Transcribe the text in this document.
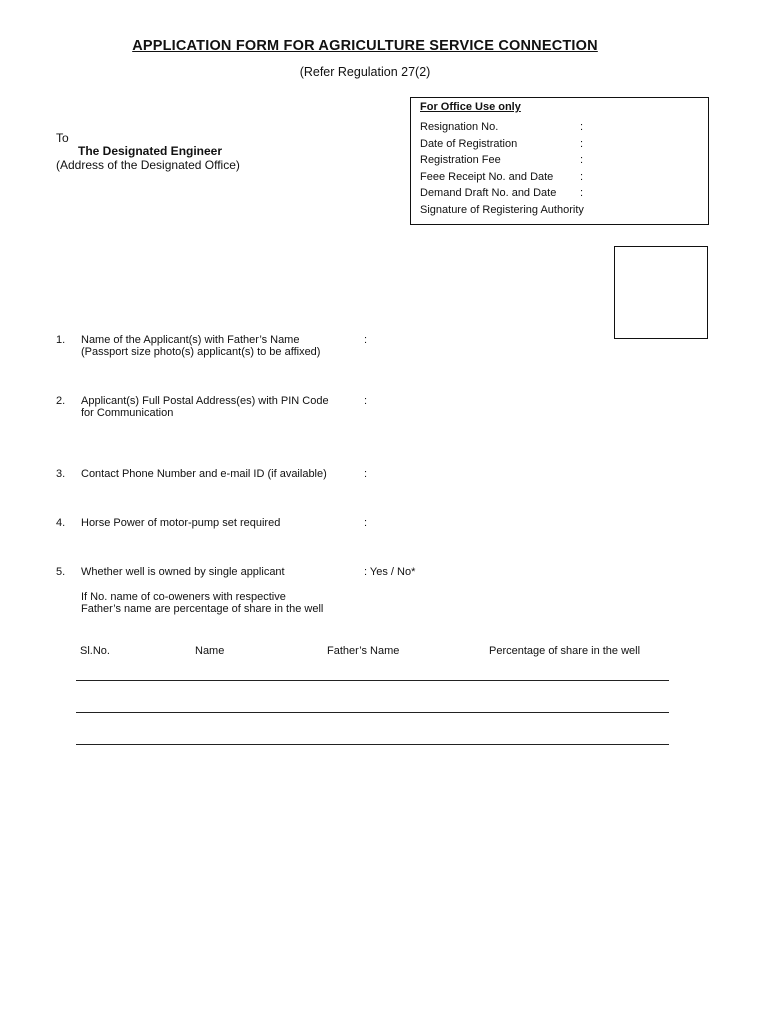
APPLICATION FORM FOR AGRICULTURE SERVICE CONNECTION
(Refer Regulation 27(2)
For Office Use only
Resignation No.	:
Date of Registration	:
Registration Fee	:
Feee Receipt No. and Date :
Demand Draft No. and Date :
Signature of Registering Authority
To
The Designated Engineer
(Address of the Designated Office)
1. Name of the Applicant(s) with Father’s Name
(Passport size photo(s) applicant(s) to be affixed)
:
2. Applicant(s) Full Postal Address(es) with PIN Code
for Communication
:
3. Contact Phone Number and e-mail ID (if available)	:
4. Horse Power of motor-pump set required	:
5. Whether well is owned by single applicant	: Yes / No*
If No. name of co-oweners with respective
Father’s name are percentage of share in the well
Sl.No.	Name	Father’s Name	Percentage of share in the well
